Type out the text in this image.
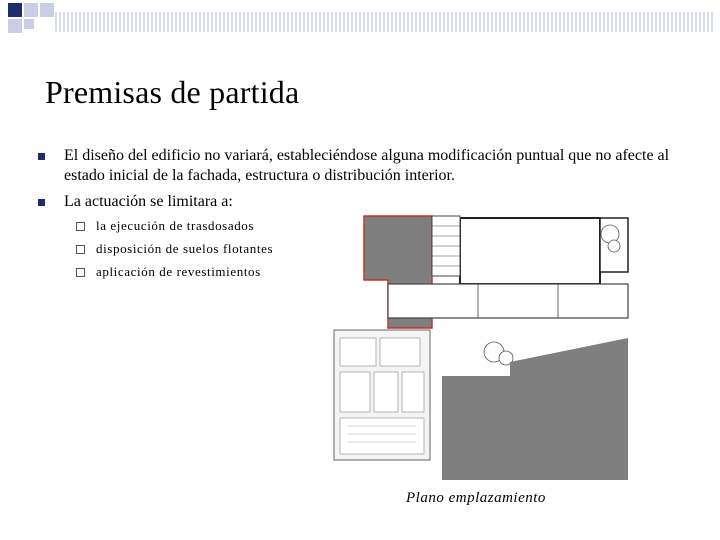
Premisas de partida
El diseño del edificio no variará, estableciéndose alguna modificación puntual que no afecte al estado inicial de la fachada, estructura o distribución interior.
La actuación se limitara a:
la ejecución de trasdosados
disposición de suelos flotantes
aplicación de revestimientos
Plano emplazamiento
